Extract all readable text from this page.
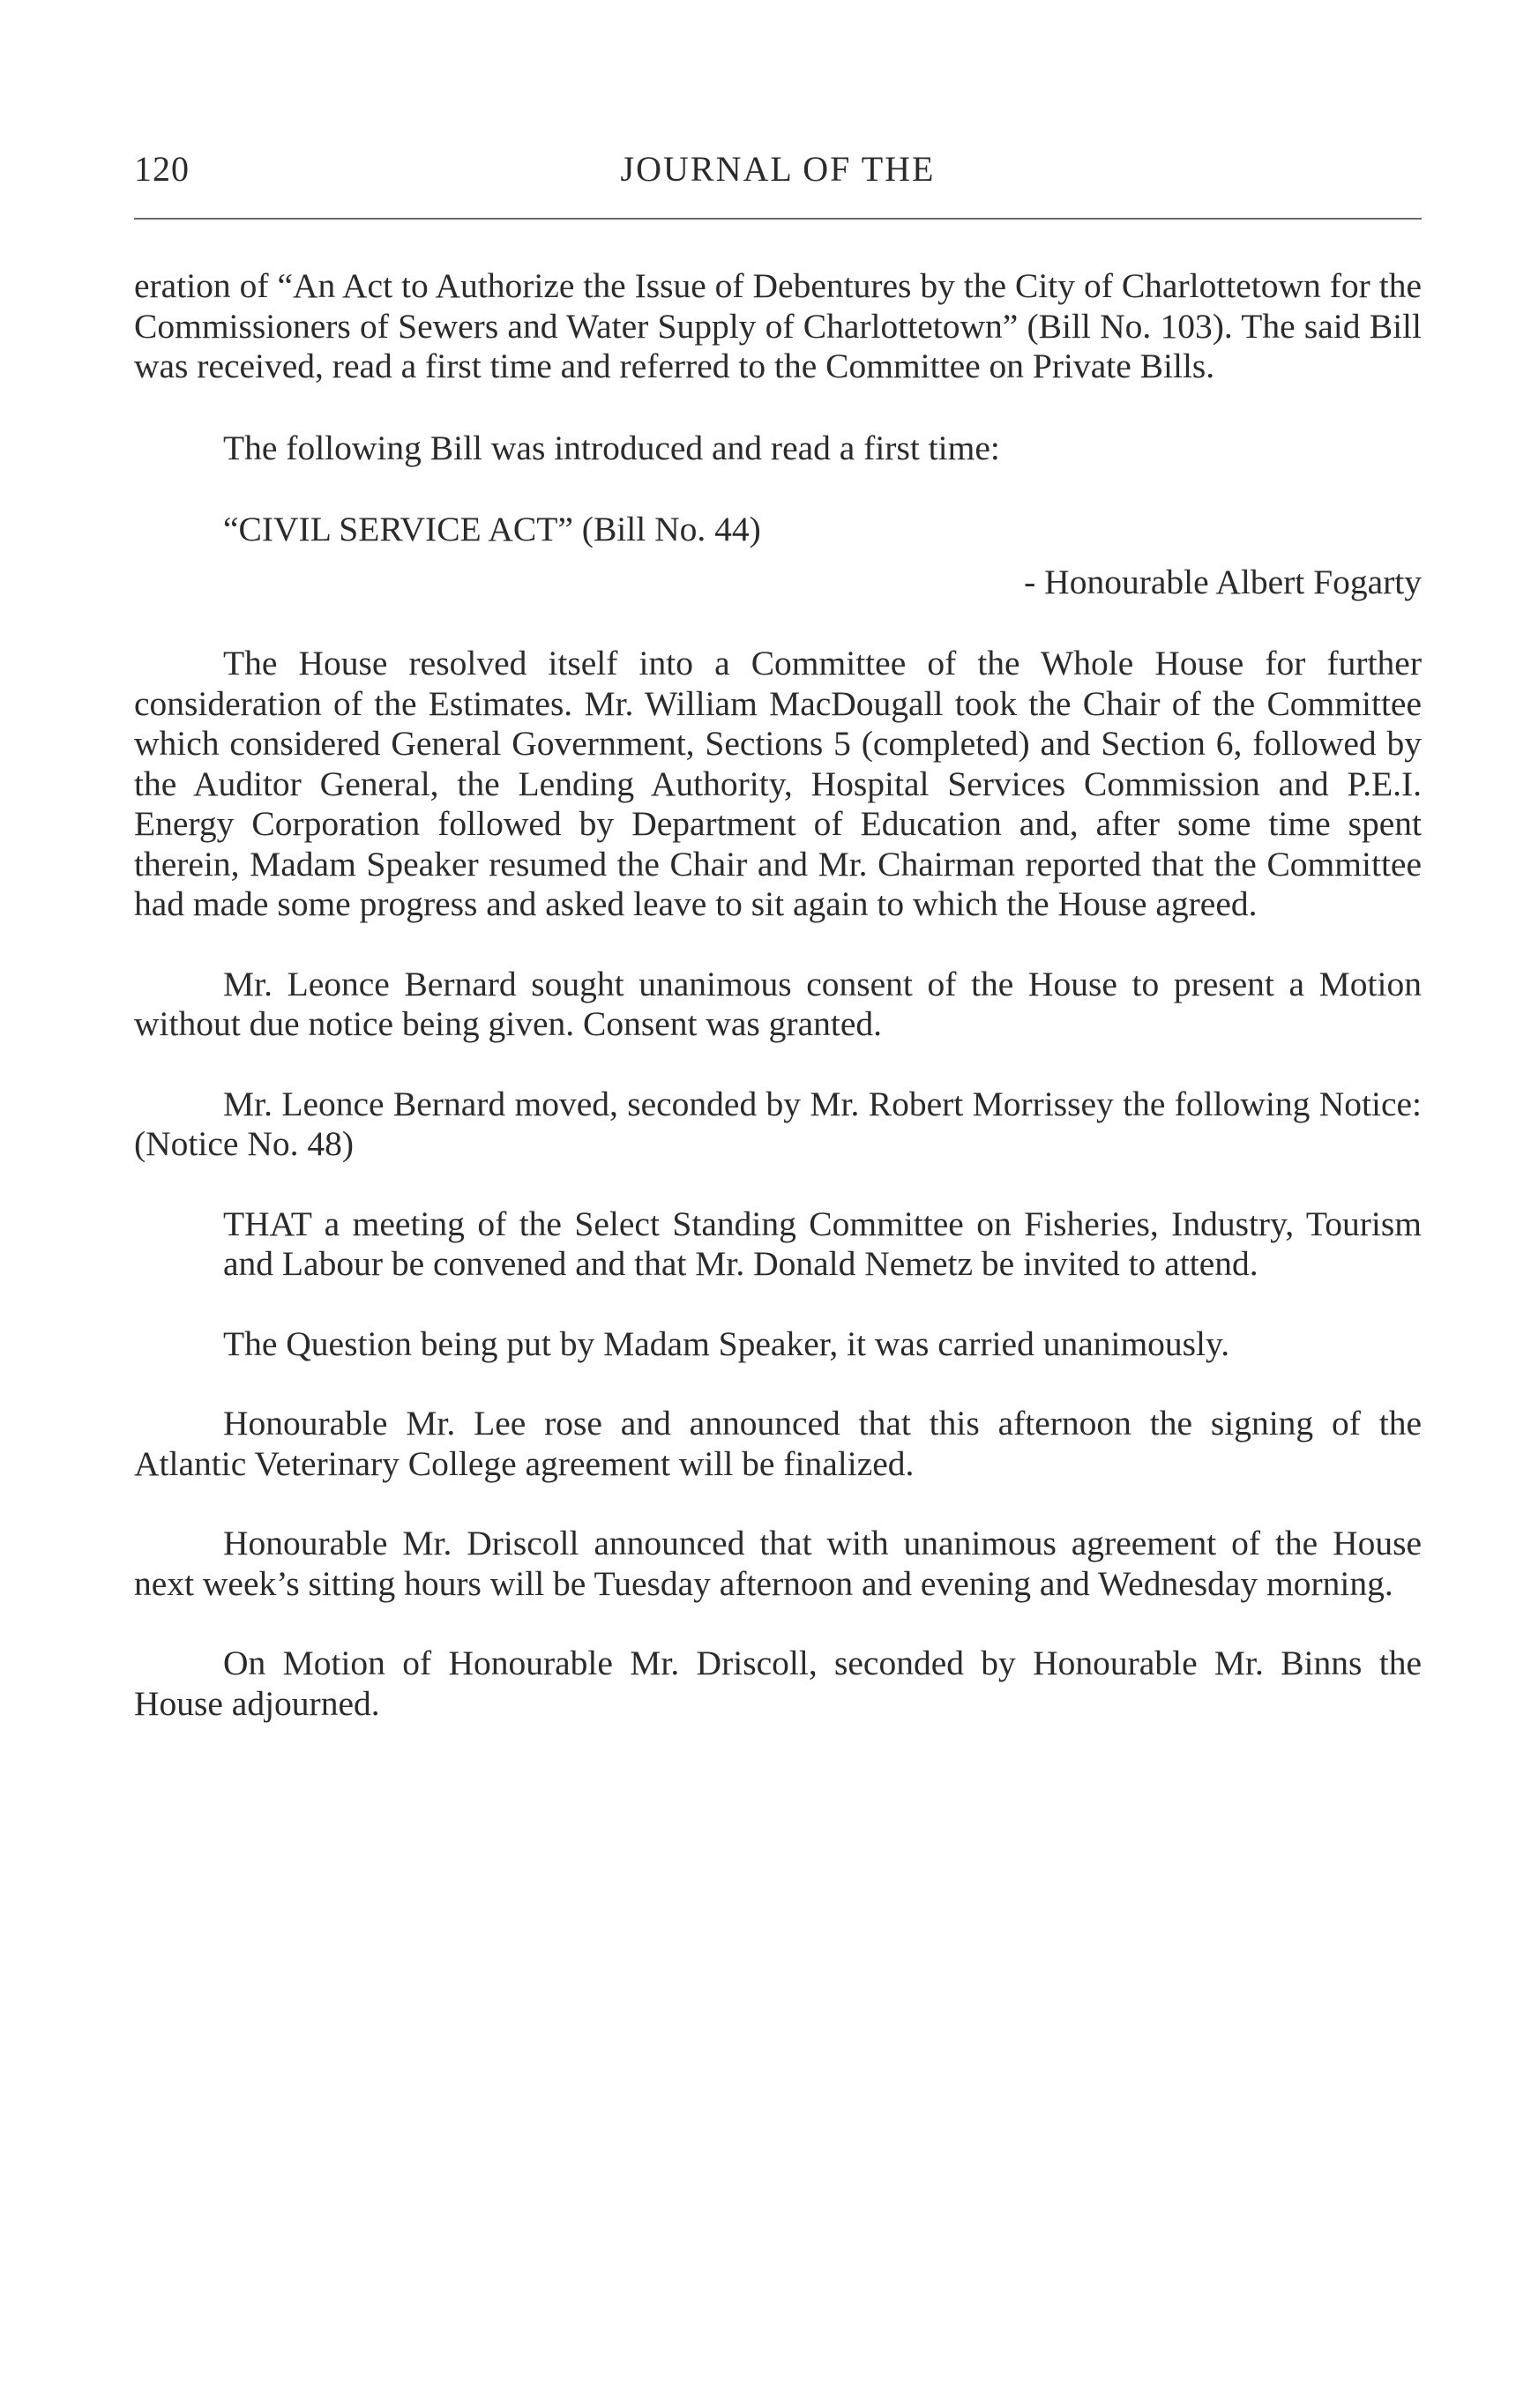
120	JOURNAL OF THE

eration of “An Act to Authorize the Issue of Debentures by the City of Charlottetown for the Commissioners of Sewers and Water Supply of Charlottetown” (Bill No. 103). The said Bill was received, read a first time and referred to the Committee on Private Bills.

The following Bill was introduced and read a first time:

“CIVIL SERVICE ACT” (Bill No. 44)

- Honourable Albert Fogarty

The House resolved itself into a Committee of the Whole House for further consideration of the Estimates. Mr. William MacDougall took the Chair of the Committee which considered General Government, Sections 5 (completed) and Section 6, followed by the Auditor General, the Lending Authority, Hospital Services Commission and P.E.I. Energy Corporation followed by Department of Education and, after some time spent therein, Madam Speaker resumed the Chair and Mr. Chairman reported that the Committee had made some progress and asked leave to sit again to which the House agreed.

Mr. Leonce Bernard sought unanimous consent of the House to present a Motion without due notice being given. Consent was granted.

Mr. Leonce Bernard moved, seconded by Mr. Robert Morrissey the following Notice: (Notice No. 48)

THAT a meeting of the Select Standing Committee on Fisheries, Industry, Tourism and Labour be convened and that Mr. Donald Nemetz be invited to attend.

The Question being put by Madam Speaker, it was carried unanimously.

Honourable Mr. Lee rose and announced that this afternoon the signing of the Atlantic Veterinary College agreement will be finalized.

Honourable Mr. Driscoll announced that with unanimous agreement of the House next week’s sitting hours will be Tuesday afternoon and evening and Wednesday morning.

On Motion of Honourable Mr. Driscoll, seconded by Honourable Mr. Binns the House adjourned.
